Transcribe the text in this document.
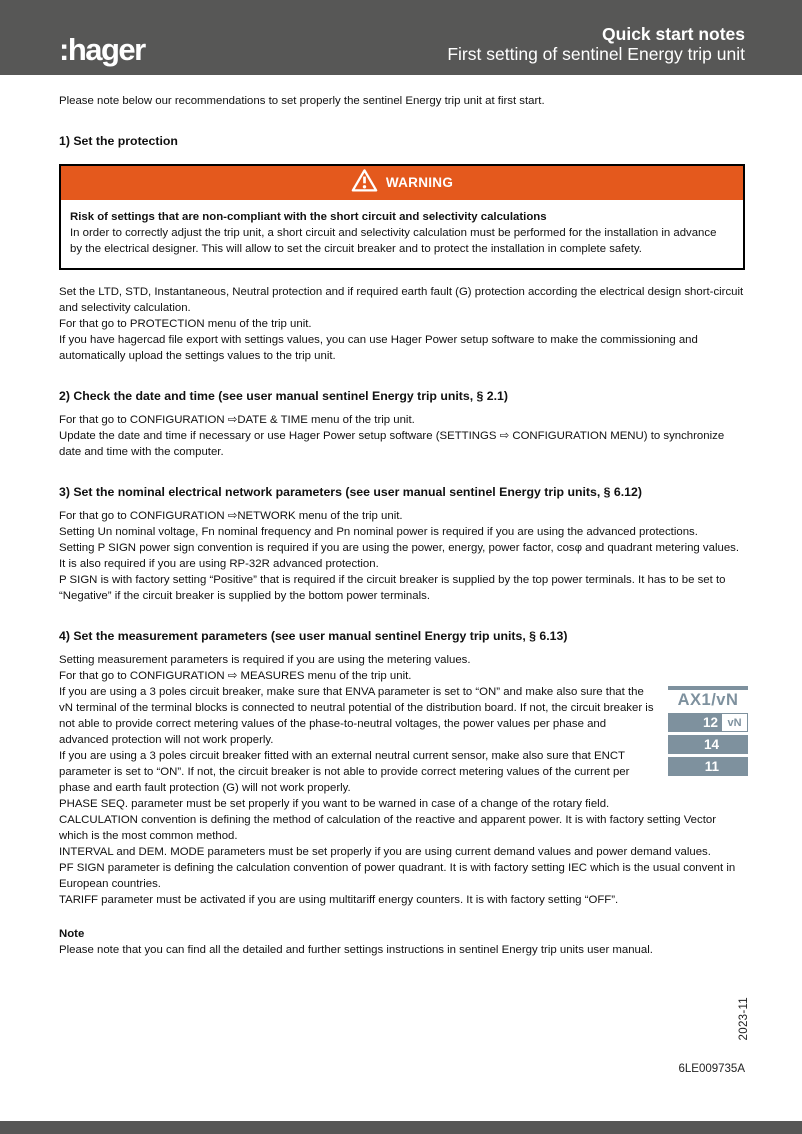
:hager	Quick start notes
First setting of sentinel Energy trip unit

Please note below our recommendations to set properly the sentinel Energy trip unit at first start.

1) Set the protection
WARNING

Risk of settings that are non-compliant with the short circuit and selectivity calculations

In order to correctly adjust the trip unit, a short circuit and selectivity calculation must be performed for the installation in advance by the electrical designer. This will allow to set the circuit breaker and to protect the installation in complete safety.

Set the LTD, STD, Instantaneous, Neutral protection and if required earth fault (G) protection according the electrical design short-circuit and selectivity calculation.

For that go to PROTECTION menu of the trip unit.

If you have hagercad file export with settings values, you can use Hager Power setup software to make the commissioning and automatically upload the settings values to the trip unit.

2) Check the date and time (see user manual sentinel Energy trip units, § 2.1)

For that go to CONFIGURATION ⇨DATE & TIME menu of the trip unit.

Update the date and time if necessary or use Hager Power setup software (SETTINGS ⇨ CONFIGURATION MENU) to synchronize date and time with the computer.

3) Set the nominal electrical network parameters (see user manual sentinel Energy trip units, § 6.12)

For that go to CONFIGURATION ⇨NETWORK menu of the trip unit.

Setting Un nominal voltage, Fn nominal frequency and Pn nominal power is required if you are using the advanced protections.

Setting P SIGN power sign convention is required if you are using the power, energy, power factor, cosφ and quadrant metering values. It is also required if you are using RP-32R advanced protection.

P SIGN is with factory setting “Positive” that is required if the circuit breaker is supplied by the top power terminals. It has to be set to “Negative” if the circuit breaker is supplied by the bottom power terminals.

4) Set the measurement parameters (see user manual sentinel Energy trip units, § 6.13)

Setting measurement parameters is required if you are using the metering values.

For that go to CONFIGURATION ⇨ MEASURES menu of the trip unit.

AX1/vN
12 vN
14
11

If you are using a 3 poles circuit breaker, make sure that ENVA parameter is set to “ON” and make also sure that the vN terminal of the terminal blocks is connected to neutral potential of the distribution board. If not, the circuit breaker is not able to provide correct metering values of the phase-to-neutral voltages, the power values per phase and advanced protection will not work properly.

If you are using a 3 poles circuit breaker fitted with an external neutral current sensor, make also sure that ENCT parameter is set to “ON”. If not, the circuit breaker is not able to provide correct metering values of the current per phase and earth fault protection (G) will not work properly.

PHASE SEQ. parameter must be set properly if you want to be warned in case of a change of the rotary field.

CALCULATION convention is defining the method of calculation of the reactive and apparent power. It is with factory setting Vector which is the most common method.

INTERVAL and DEM. MODE parameters must be set properly if you are using current demand values and power demand values.

PF SIGN parameter is defining the calculation convention of power quadrant. It is with factory setting IEC which is the usual convent in European countries.

TARIFF parameter must be activated if you are using multitariff energy counters. It is with factory setting “OFF”.

Note

Please note that you can find all the detailed and further settings instructions in sentinel Energy trip units user manual.

2023-11
6LE009735A
